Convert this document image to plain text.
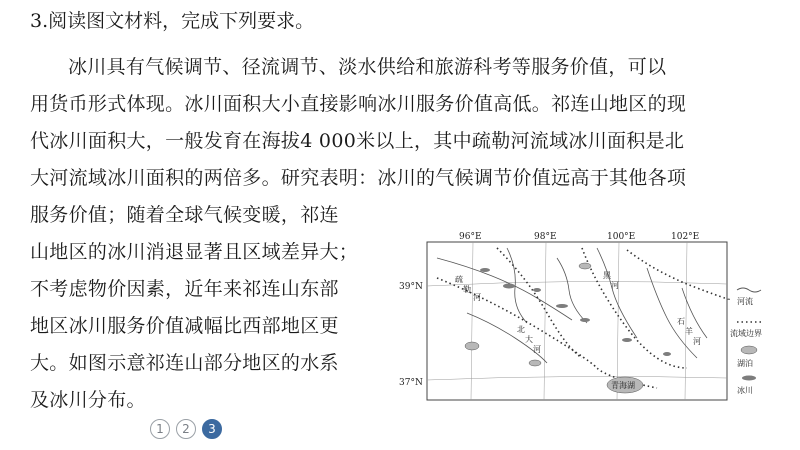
3.阅读图文材料，完成下列要求。
冰川具有气候调节、径流调节、淡水供给和旅游科考等服务价值，可以
用货币形式体现。冰川面积大小直接影响冰川服务价值高低。祁连山地区的现
代冰川面积大，一般发育在海拔4 000米以上，其中疏勒河流域冰川面积是北
大河流域冰川面积的两倍多。研究表明：冰川的气候调节价值远高于其他各项
服务价值；随着全球气候变暖，祁连
山地区的冰川消退显著且区域差异大；
不考虑物价因素，近年来祁连山东部
地区冰川服务价值减幅比西部地区更
大。如图示意祁连山部分地区的水系
及冰川分布。
96°E	98°E	100°E	102°E
39°N
37°N
疏
勒
河
北
大
河
黑
河
石
羊
河
青海湖
河流
流域边界
湖泊
冰川
1	2	3
